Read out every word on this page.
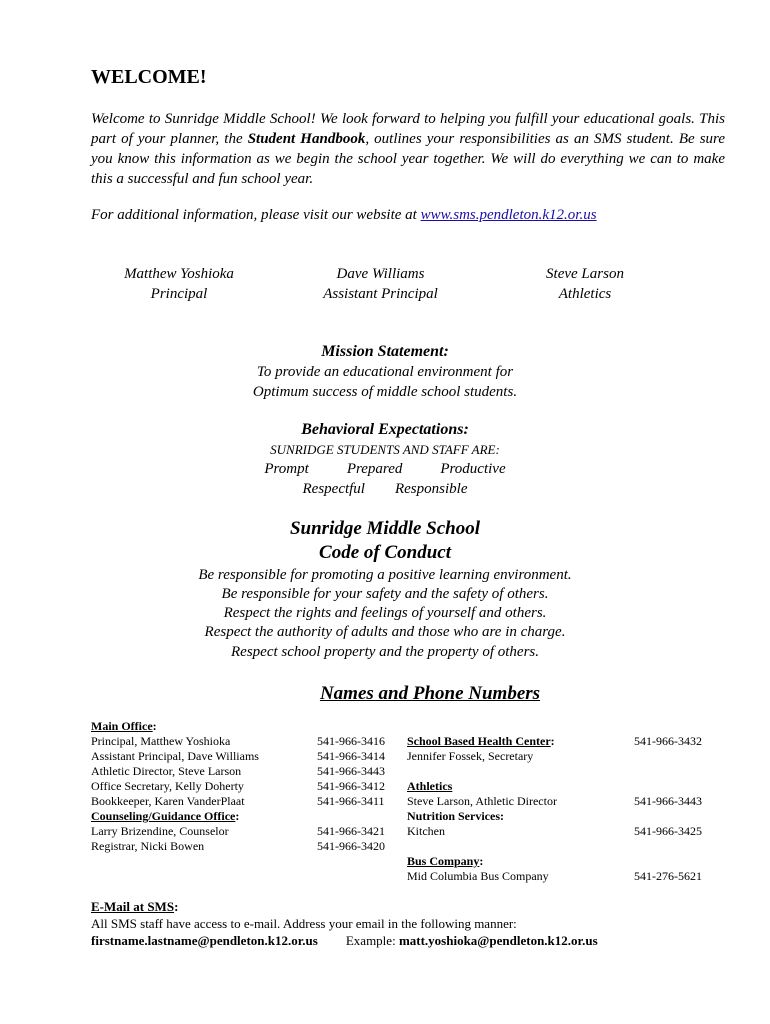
WELCOME!
Welcome to Sunridge Middle School! We look forward to helping you fulfill your educational goals. This part of your planner, the Student Handbook, outlines your responsibilities as an SMS student. Be sure you know this information as we begin the school year together. We will do everything we can to make this a successful and fun school year.
For additional information, please visit our website at www.sms.pendleton.k12.or.us
Matthew Yoshioka
Principal
Dave Williams
Assistant Principal
Steve Larson
Athletics
Mission Statement:
To provide an educational environment for
Optimum success of middle school students.
Behavioral Expectations:
SUNRIDGE STUDENTS AND STAFF ARE:
Prompt	Prepared	Productive
Respectful Responsible
Sunridge Middle School
Code of Conduct
Be responsible for promoting a positive learning environment.
Be responsible for your safety and the safety of others.
Respect the rights and feelings of yourself and others.
Respect the authority of adults and those who are in charge.
Respect school property and the property of others.
Names and Phone Numbers
Main Office:
Principal, Matthew Yoshioka	541-966-3416
Assistant Principal, Dave Williams	541-966-3414
Athletic Director, Steve Larson	541-966-3443
Office Secretary, Kelly Doherty	541-966-3412
Bookkeeper, Karen VanderPlaat	541-966-3411
Counseling/Guidance Office:
Larry Brizendine, Counselor	541-966-3421
Registrar, Nicki Bowen	541-966-3420
School Based Health Center:	541-966-3432
Jennifer Fossek, Secretary
Athletics
Steve Larson, Athletic Director	541-966-3443
Nutrition Services:
Kitchen	541-966-3425
Bus Company:
Mid Columbia Bus Company	541-276-5621
E-Mail at SMS:
All SMS staff have access to e-mail. Address your email in the following manner:
firstname.lastname@pendleton.k12.or.us Example: matt.yoshioka@pendleton.k12.or.us
